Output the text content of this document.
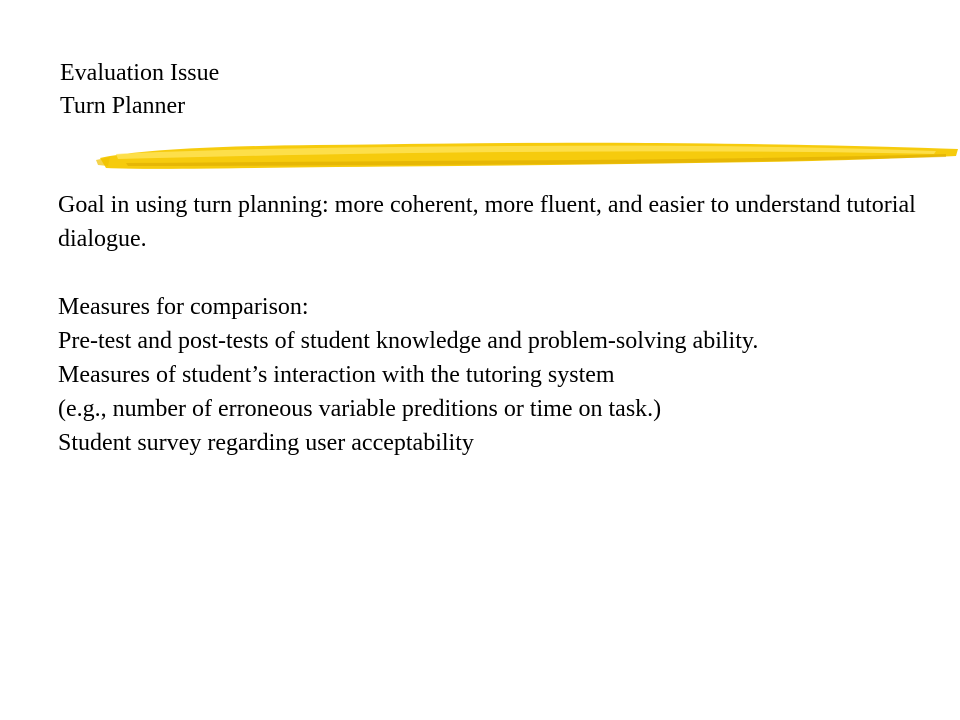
Evaluation Issue
Turn Planner

Goal in using turn planning: more coherent, more fluent, and easier to understand tutorial dialogue.

Measures for comparison:

Pre-test and post-tests of student knowledge and problem-solving ability.

Measures of student’s interaction with the tutoring system

(e.g., number of erroneous variable preditions or time on task.)

Student survey regarding user acceptability
